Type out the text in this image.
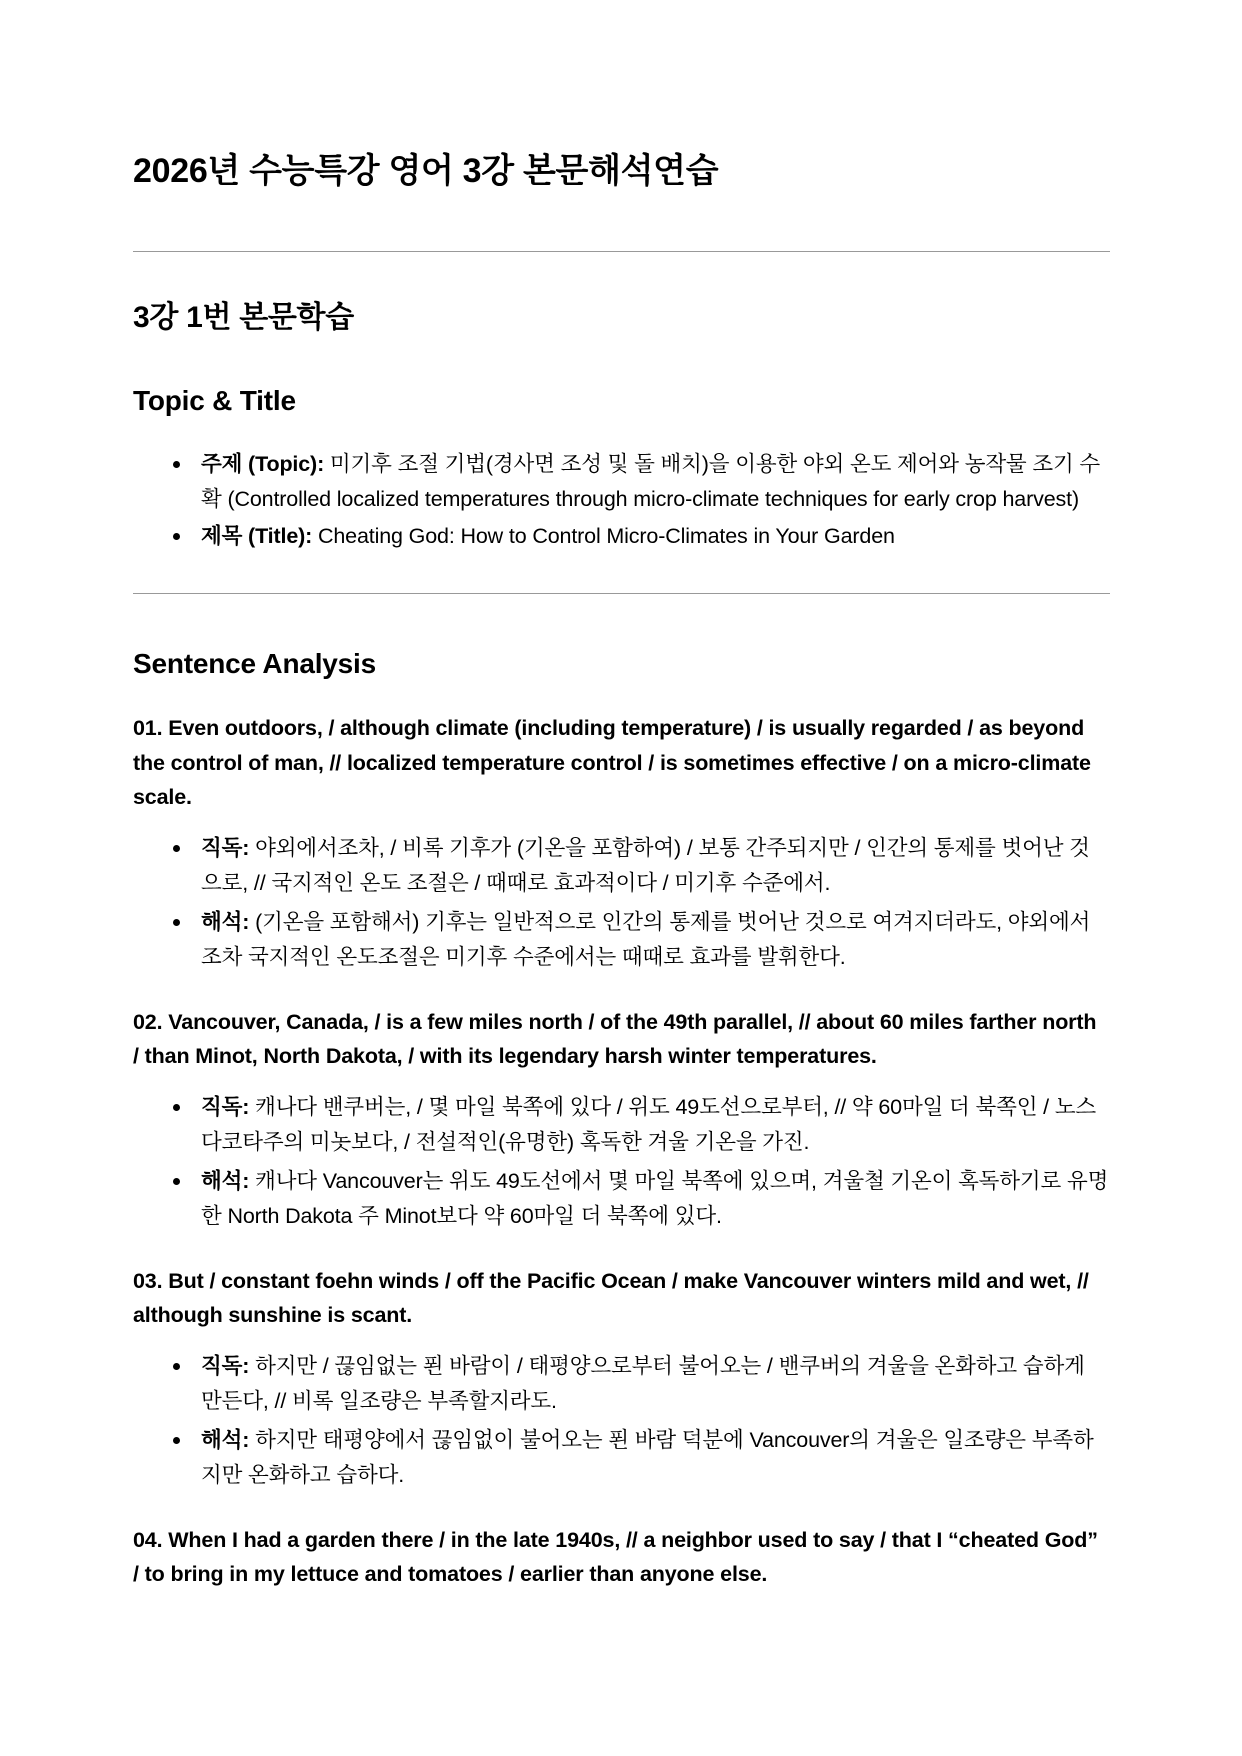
2026년 수능특강 영어 3강 본문해석연습
3강 1번 본문학습
Topic & Title
주제 (Topic): 미기후 조절 기법(경사면 조성 및 돌 배치)을 이용한 야외 온도 제어와 농작물 조기 수확 (Controlled localized temperatures through micro-climate techniques for early crop harvest)
제목 (Title): Cheating God: How to Control Micro-Climates in Your Garden
Sentence Analysis

01. Even outdoors, / although climate (including temperature) / is usually regarded / as beyond the control of man, // localized temperature control / is sometimes effective / on a micro-climate scale.

직독: 야외에서조차, / 비록 기후가 (기온을 포함하여) / 보통 간주되지만 / 인간의 통제를 벗어난 것으로, // 국지적인 온도 조절은 / 때때로 효과적이다 / 미기후 수준에서.
해석: (기온을 포함해서) 기후는 일반적으로 인간의 통제를 벗어난 것으로 여겨지더라도, 야외에서조차 국지적인 온도조절은 미기후 수준에서는 때때로 효과를 발휘한다.

02. Vancouver, Canada, / is a few miles north / of the 49th parallel, // about 60 miles farther north / than Minot, North Dakota, / with its legendary harsh winter temperatures.

직독: 캐나다 밴쿠버는, / 몇 마일 북쪽에 있다 / 위도 49도선으로부터, // 약 60마일 더 북쪽인 / 노스다코타주의 미놋보다, / 전설적인(유명한) 혹독한 겨울 기온을 가진.
해석: 캐나다 Vancouver는 위도 49도선에서 몇 마일 북쪽에 있으며, 겨울철 기온이 혹독하기로 유명한 North Dakota 주 Minot보다 약 60마일 더 북쪽에 있다.

03. But / constant foehn winds / off the Pacific Ocean / make Vancouver winters mild and wet, // although sunshine is scant.

직독: 하지만 / 끊임없는 푄 바람이 / 태평양으로부터 불어오는 / 밴쿠버의 겨울을 온화하고 습하게 만든다, // 비록 일조량은 부족할지라도.
해석: 하지만 태평양에서 끊임없이 불어오는 푄 바람 덕분에 Vancouver의 겨울은 일조량은 부족하지만 온화하고 습하다.

04. When I had a garden there / in the late 1940s, // a neighbor used to say / that I “cheated God” / to bring in my lettuce and tomatoes / earlier than anyone else.
